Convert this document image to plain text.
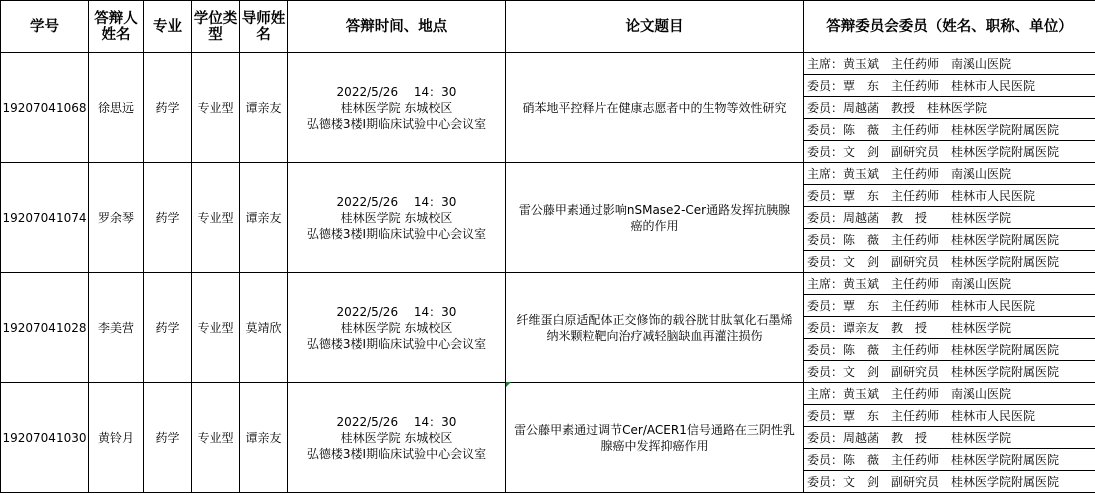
学号	答辩人姓名	专业	学位类型	导师姓名	答辩时间、地点	论文题目	答辩委员会委员（姓名、职称、单位）
19207041068	徐思远	药学	专业型	谭亲友	2022/5/26　 14：30
桂林医学院 东城校区
弘德楼3楼Ⅰ期临床试验中心会议室	硝苯地平控释片在健康志愿者中的生物等效性研究	主席：黄玉斌　主任药师　南溪山医院
							委员：覃　东　主任药师　桂林市人民医院
							委员：周越菡　教授　桂林医学院
							委员：陈　薇　主任药师　桂林医学院附属医院
							委员：文　剑　副研究员　桂林医学院附属医院
19207041074	罗余琴	药学	专业型	谭亲友	2022/5/26　 14：30
桂林医学院 东城校区
弘德楼3楼Ⅰ期临床试验中心会议室	雷公藤甲素通过影响nSMase2-Cer通路发挥抗胰腺癌的作用	主席：黄玉斌　主任药师　南溪山医院
							委员：覃　东　主任药师　桂林市人民医院
							委员：周越菡　教　授　　桂林医学院
							委员：陈　薇　主任药师　桂林医学院附属医院
							委员：文　剑　副研究员　桂林医学院附属医院
19207041028	李美营	药学	专业型	莫靖欣	2022/5/26　 14：30
桂林医学院 东城校区
弘德楼3楼Ⅰ期临床试验中心会议室	纤维蛋白原适配体正交修饰的载谷胱甘肽氧化石墨烯纳米颗粒靶向治疗减轻脑缺血再灌注损伤	主席：黄玉斌　主任药师　南溪山医院
							委员：覃　东　主任药师　桂林市人民医院
							委员：谭亲友　教　授　　桂林医学院
							委员：陈　薇　主任药师　桂林医学院附属医院
							委员：文　剑　副研究员　桂林医学院附属医院
19207041030	黄铃月	药学	专业型	谭亲友	2022/5/26　 14：30
桂林医学院 东城校区
弘德楼3楼Ⅰ期临床试验中心会议室	雷公藤甲素通过调节Cer/ACER1信号通路在三阴性乳腺癌中发挥抑癌作用	主席：黄玉斌　主任药师　南溪山医院
							委员：覃　东　主任药师　桂林市人民医院
							委员：周越菡　教　授　　桂林医学院
							委员：陈　薇　主任药师　桂林医学院附属医院
							委员：文　剑　副研究员　桂林医学院附属医院
